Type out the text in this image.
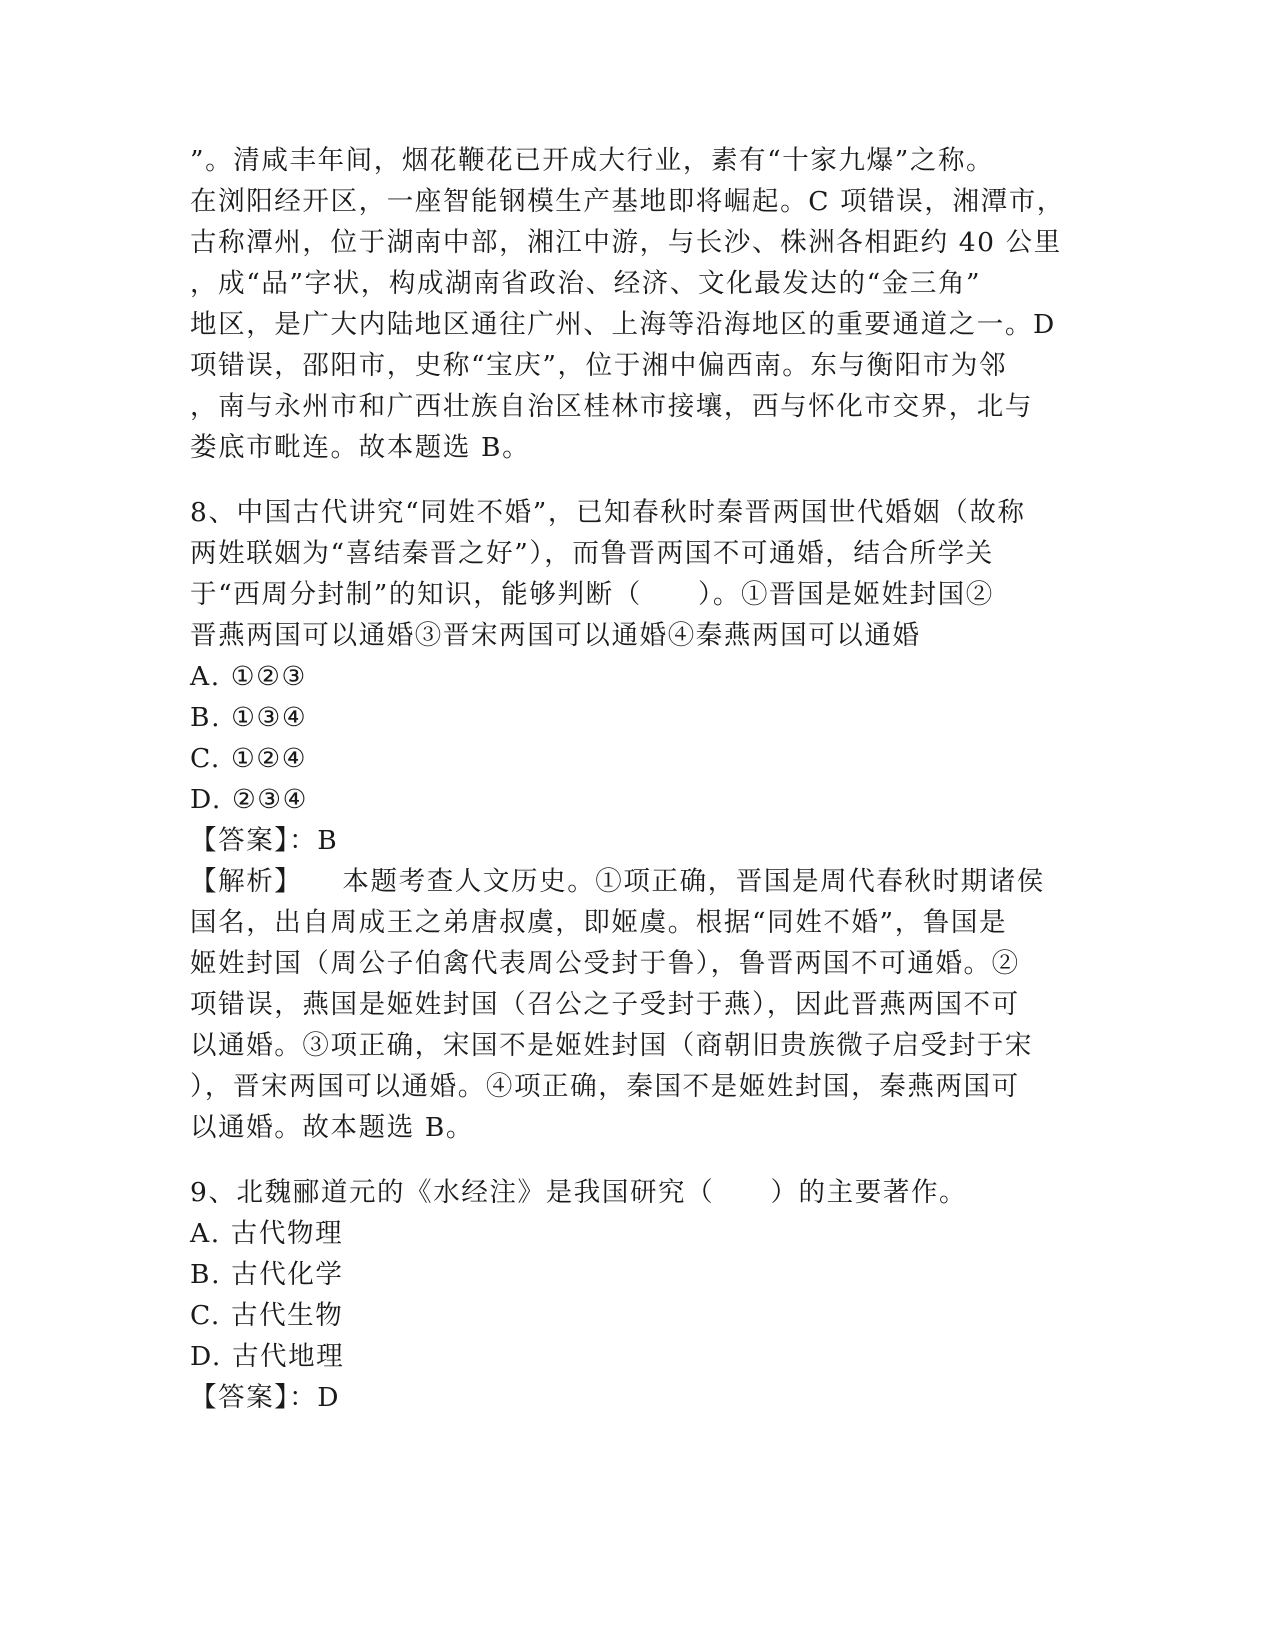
”。清咸丰年间，烟花鞭花已开成大行业，素有“十家九爆”之称。
在浏阳经开区，一座智能钢模生产基地即将崛起。C 项错误，湘潭市，
古称潭州，位于湖南中部，湘江中游，与长沙、株洲各相距约 40 公里
，成“品”字状，构成湖南省政治、经济、文化最发达的“金三角”
地区，是广大内陆地区通往广州、上海等沿海地区的重要通道之一。D
项错误，邵阳市，史称“宝庆”，位于湘中偏西南。东与衡阳市为邻
，南与永州市和广西壮族自治区桂林市接壤，西与怀化市交界，北与
娄底市毗连。故本题选 B。
8、中国古代讲究“同姓不婚”，已知春秋时秦晋两国世代婚姻（故称
两姓联姻为“喜结秦晋之好”），而鲁晋两国不可通婚，结合所学关
于“西周分封制”的知识，能够判断（　　）。①晋国是姬姓封国②
晋燕两国可以通婚③晋宋两国可以通婚④秦燕两国可以通婚
A. ①②③
B. ①③④
C. ①②④
D. ②③④
【答案】：B
【解析】 本题考查人文历史。①项正确，晋国是周代春秋时期诸侯
国名，出自周成王之弟唐叔虞，即姬虞。根据“同姓不婚”，鲁国是
姬姓封国（周公子伯禽代表周公受封于鲁），鲁晋两国不可通婚。②
项错误，燕国是姬姓封国（召公之子受封于燕），因此晋燕两国不可
以通婚。③项正确，宋国不是姬姓封国（商朝旧贵族微子启受封于宋
），晋宋两国可以通婚。④项正确，秦国不是姬姓封国，秦燕两国可
以通婚。故本题选 B。
9、北魏郦道元的《水经注》是我国研究（　　）的主要著作。
A. 古代物理
B. 古代化学
C. 古代生物
D. 古代地理
【答案】：D
